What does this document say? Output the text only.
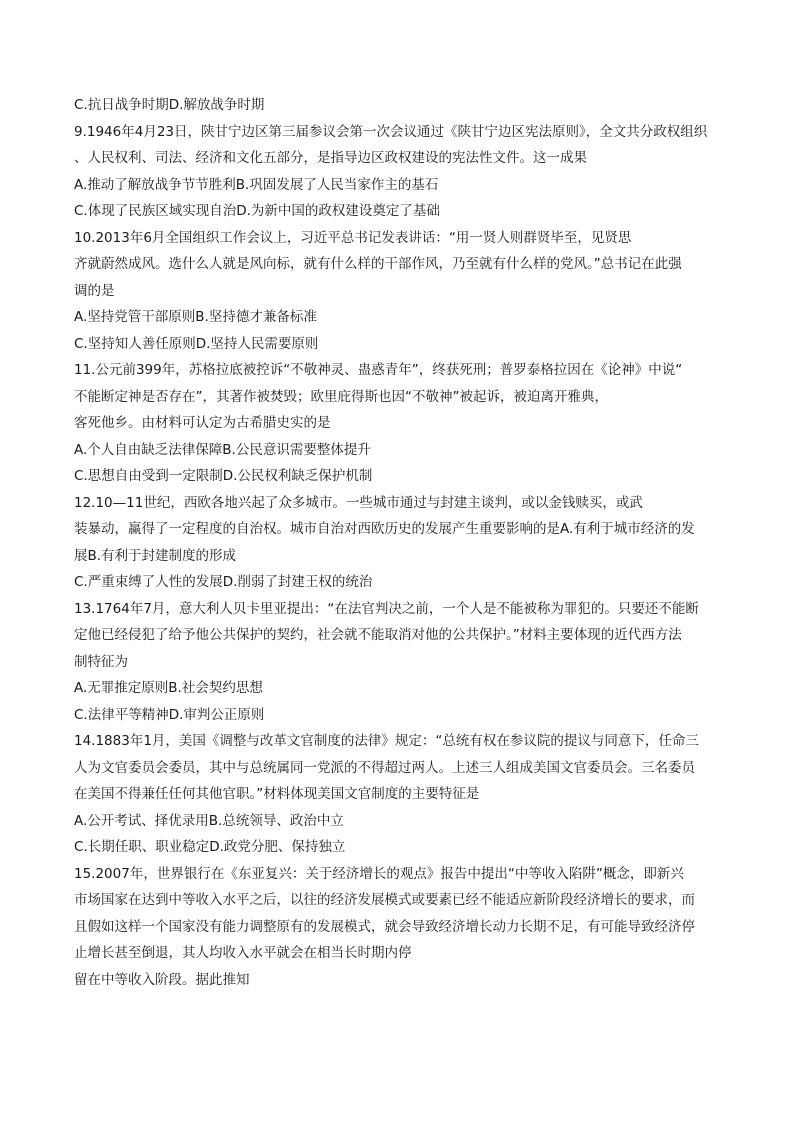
C.抗日战争时期D.解放战争时期
9.1946年4月23日，陕甘宁边区第三届参议会第一次会议通过《陕甘宁边区宪法原则》，全文共分政权组织
、人民权利、司法、经济和文化五部分，是指导边区政权建设的宪法性文件。这一成果
A.推动了解放战争节节胜利B.巩固发展了人民当家作主的基石
C.体现了民族区域实现自治D.为新中国的政权建设奠定了基础
10.2013年6月全国组织工作会议上，习近平总书记发表讲话：“用一贤人则群贤毕至，见贤思
齐就蔚然成风。选什么人就是风向标，就有什么样的干部作风，乃至就有什么样的党风。”总书记在此强
调的是
A.坚持党管干部原则B.坚持德才兼备标准
C.坚持知人善任原则D.坚持人民需要原则
11.公元前399年，苏格拉底被控诉“不敬神灵、蛊惑青年”，终获死刑；普罗泰格拉因在《论神》中说“
不能断定神是否存在”，其著作被焚毁；欧里庇得斯也因“不敬神”被起诉，被迫离开雅典，
客死他乡。由材料可认定为古希腊史实的是
A.个人自由缺乏法律保障B.公民意识需要整体提升
C.思想自由受到一定限制D.公民权利缺乏保护机制
12.10—11世纪，西欧各地兴起了众多城市。一些城市通过与封建主谈判，或以金钱赎买，或武
装暴动，赢得了一定程度的自治权。城市自治对西欧历史的发展产生重要影响的是A.有利于城市经济的发
展B.有利于封建制度的形成
C.严重束缚了人性的发展D.削弱了封建王权的统治
13.1764年7月，意大利人贝卡里亚提出：“在法官判决之前，一个人是不能被称为罪犯的。只要还不能断
定他已经侵犯了给予他公共保护的契约，社会就不能取消对他的公共保护。”材料主要体现的近代西方法
制特征为
A.无罪推定原则B.社会契约思想
C.法律平等精神D.审判公正原则
14.1883年1月，美国《调整与改革文官制度的法律》规定：“总统有权在参议院的提议与同意下，任命三
人为文官委员会委员，其中与总统属同一党派的不得超过两人。上述三人组成美国文官委员会。三名委员
在美国不得兼任任何其他官职。”材料体现美国文官制度的主要特征是
A.公开考试、择优录用B.总统领导、政治中立
C.长期任职、职业稳定D.政党分肥、保持独立
15.2007年，世界银行在《东亚复兴：关于经济增长的观点》报告中提出“中等收入陷阱”概念，即新兴
市场国家在达到中等收入水平之后，以往的经济发展模式或要素已经不能适应新阶段经济增长的要求，而
且假如这样一个国家没有能力调整原有的发展模式，就会导致经济增长动力长期不足，有可能导致经济停
止增长甚至倒退，其人均收入水平就会在相当长时期内停
留在中等收入阶段。据此推知
